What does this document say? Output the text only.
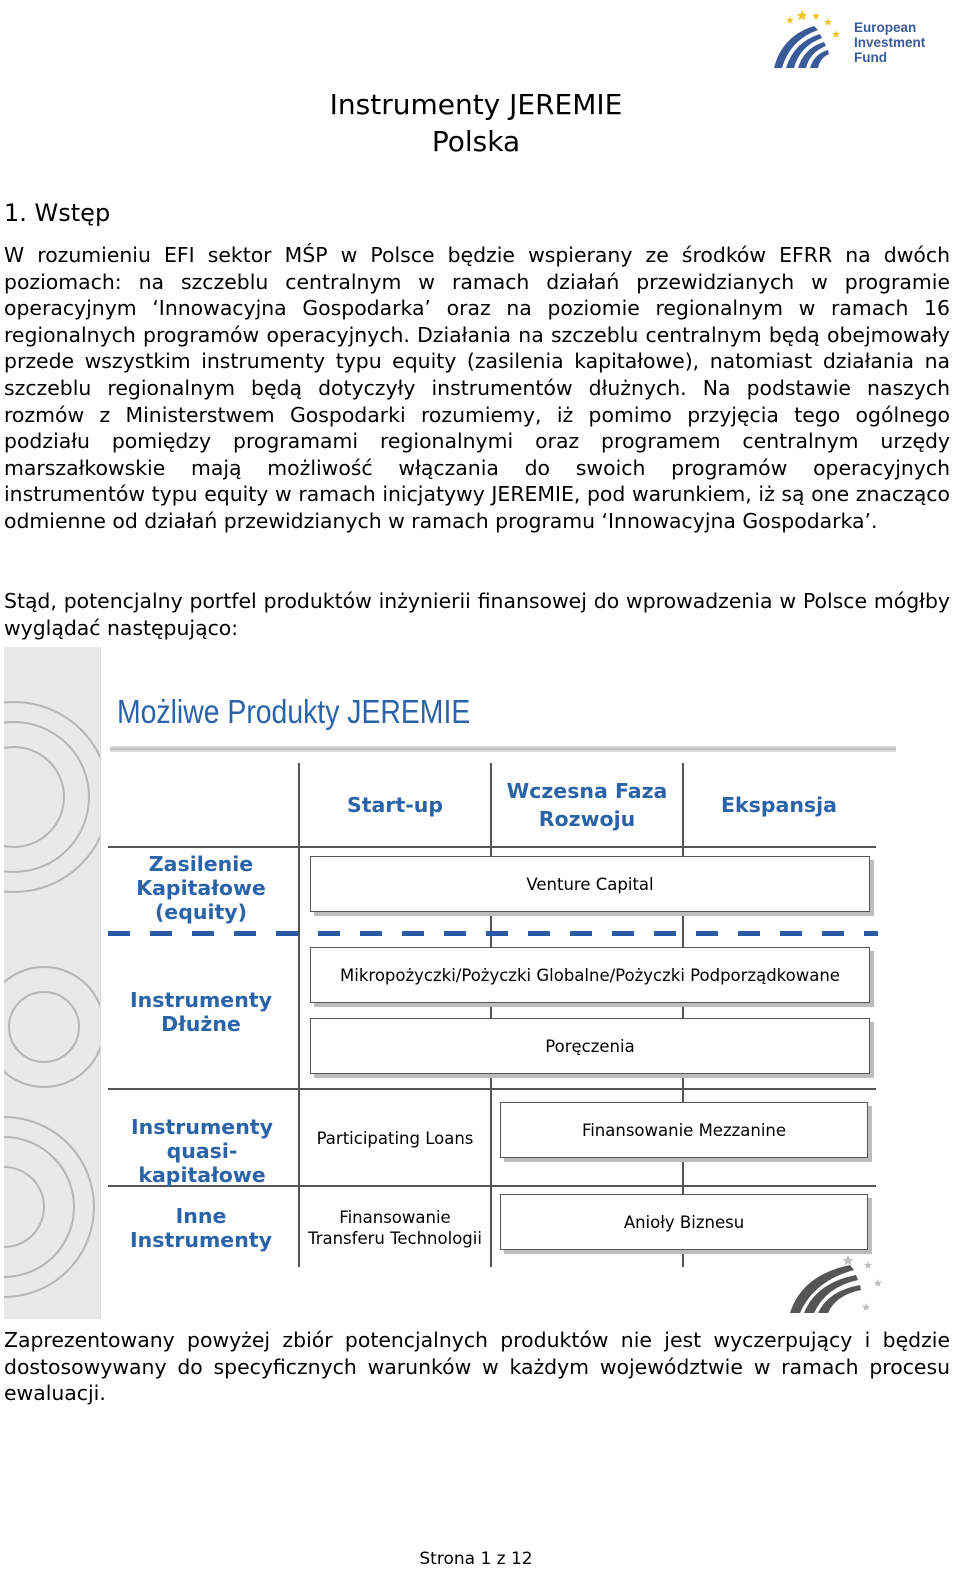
European
Investment
Fund
Instrumenty JEREMIE
Polska
1. Wstęp

W rozumieniu EFI sektor MŚP w Polsce będzie wspierany ze środków EFRR na dwóch poziomach: na szczeblu centralnym w ramach działań przewidzianych w programie operacyjnym ‘Innowacyjna Gospodarka’ oraz na poziomie regionalnym w ramach 16 regionalnych programów operacyjnych. Działania na szczeblu centralnym będą obejmowały przede wszystkim instrumenty typu equity (zasilenia kapitałowe), natomiast działania na szczeblu regionalnym będą dotyczyły instrumentów dłużnych. Na podstawie naszych rozmów z Ministerstwem Gospodarki rozumiemy, iż pomimo przyjęcia tego ogólnego podziału pomiędzy programami regionalnymi oraz programem centralnym urzędy marszałkowskie mają możliwość włączania do swoich programów operacyjnych instrumentów typu equity w ramach inicjatywy JEREMIE, pod warunkiem, iż są one znacząco odmienne od działań przewidzianych w ramach programu ‘Innowacyjna Gospodarka’.

Stąd, potencjalny portfel produktów inżynierii finansowej do wprowadzenia w Polsce mógłby wyglądać następująco:

Możliwe Produkty JEREMIE
Start-up
Wczesna Faza
Rozwoju
Ekspansja
Zasilenie
Kapitałowe
(equity)
Instrumenty
Dłużne
Instrumenty
quasi-kapitałowe
Inne
Instrumenty
Venture Capital
Mikropożyczki/Pożyczki Globalne/Pożyczki Podporządkowane
Poręczenia
Participating Loans	Finansowanie Mezzanine
Finansowanie
Transferu Technologii
Anioły Biznesu

Zaprezentowany powyżej zbiór potencjalnych produktów nie jest wyczerpujący i będzie dostosowywany do specyficznych warunków w każdym województwie w ramach procesu ewaluacji.

Strona 1 z 12
